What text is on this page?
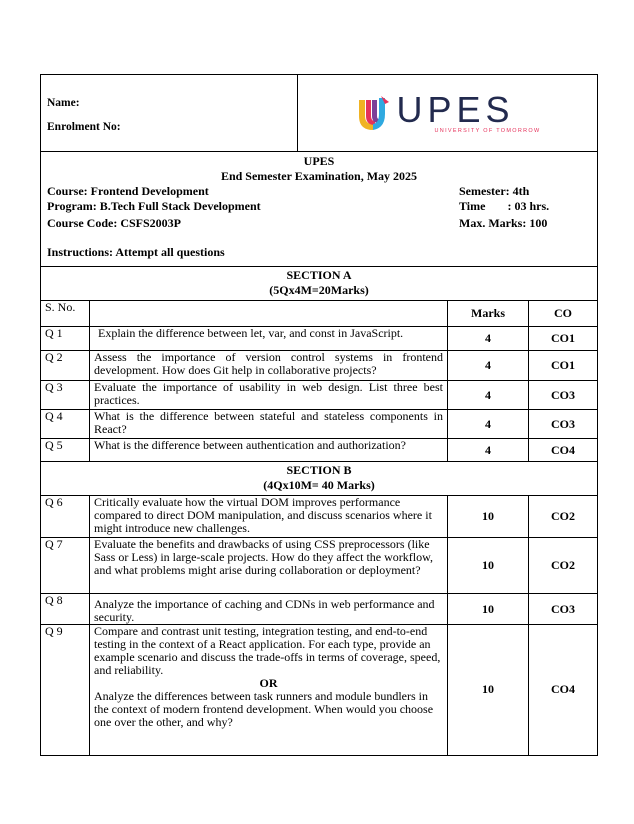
Name:
Enrolment No:	UPES
UNIVERSITY OF TOMORROW
UPES
End Semester Examination, May 2025
Course: Frontend Development	Semester: 4th
Program: B.Tech Full Stack Development	Time : 03 hrs.
Course Code: CSFS2003P	Max. Marks: 100
Instructions: Attempt all questions
SECTION A
(5Qx4M=20Marks)			

S. No.		Marks	CO
Q 1	Explain the difference between let, var, and const in JavaScript.	4	CO1
Q 2	Assess the importance of version control systems in frontend development. How does Git help in collaborative projects?	4	CO1
Q 3	Evaluate the importance of usability in web design. List three best practices.	4	CO3
Q 4	What is the difference between stateful and stateless components in React?	4	CO3
Q 5	What is the difference between authentication and authorization?	4	CO4

SECTION B
(4Qx10M= 40 Marks)			

Q 6	Critically evaluate how the virtual DOM improves performance compared to direct DOM manipulation, and discuss scenarios where it might introduce new challenges.	10	CO2
Q 7	Evaluate the benefits and drawbacks of using CSS preprocessors (like Sass or Less) in large-scale projects. How do they affect the workflow, and what problems might arise during collaboration or deployment?	10	CO2
Q 8	Analyze the importance of caching and CDNs in web performance and security.	10	CO3
Q 9	Compare and contrast unit testing, integration testing, and end-to-end testing in the context of a React application. For each type, provide an example scenario and discuss the trade-offs in terms of coverage, speed, and reliability.
OR
Analyze the differences between task runners and module bundlers in the context of modern frontend development. When would you choose one over the other, and why?	10	CO4
